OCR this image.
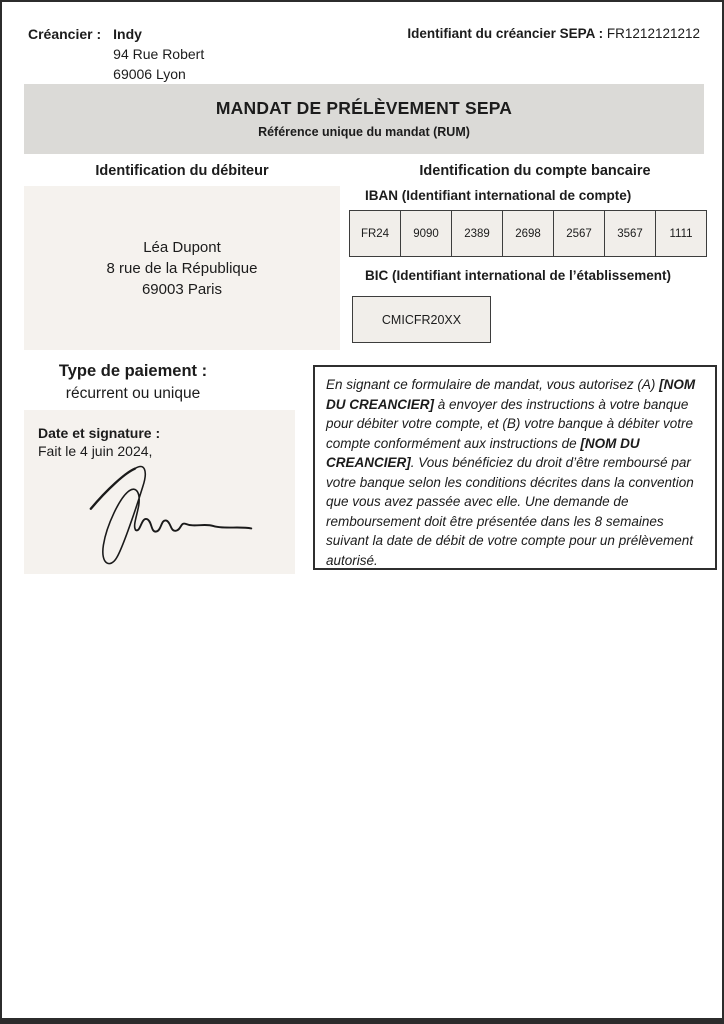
Créancier : Indy
94 Rue Robert
69006 Lyon
Identifiant du créancier SEPA : FR1212121212
MANDAT DE PRÉLÈVEMENT SEPA
Référence unique du mandat (RUM)
Identification du débiteur	Identification du compte bancaire
Léa Dupont
8 rue de la République
69003 Paris
IBAN (Identifiant international de compte)
FR24	9090	2389	2698	2567	3567	1111
BIC (Identifiant international de l’établissement)
CMICFR20XX
Type de paiement :
récurrent ou unique
Date et signature :
Fait le 4 juin 2024,

En signant ce formulaire de mandat, vous autorisez (A) [NOM DU CREANCIER] à envoyer des instructions à votre banque pour débiter votre compte, et (B) votre banque à débiter votre compte conformément aux instructions de [NOM DU CREANCIER]. Vous bénéficiez du droit d’être remboursé par votre banque selon les conditions décrites dans la convention que vous avez passée avec elle. Une demande de remboursement doit être présentée dans les 8 semaines suivant la date de débit de votre compte pour un prélèvement autorisé.
